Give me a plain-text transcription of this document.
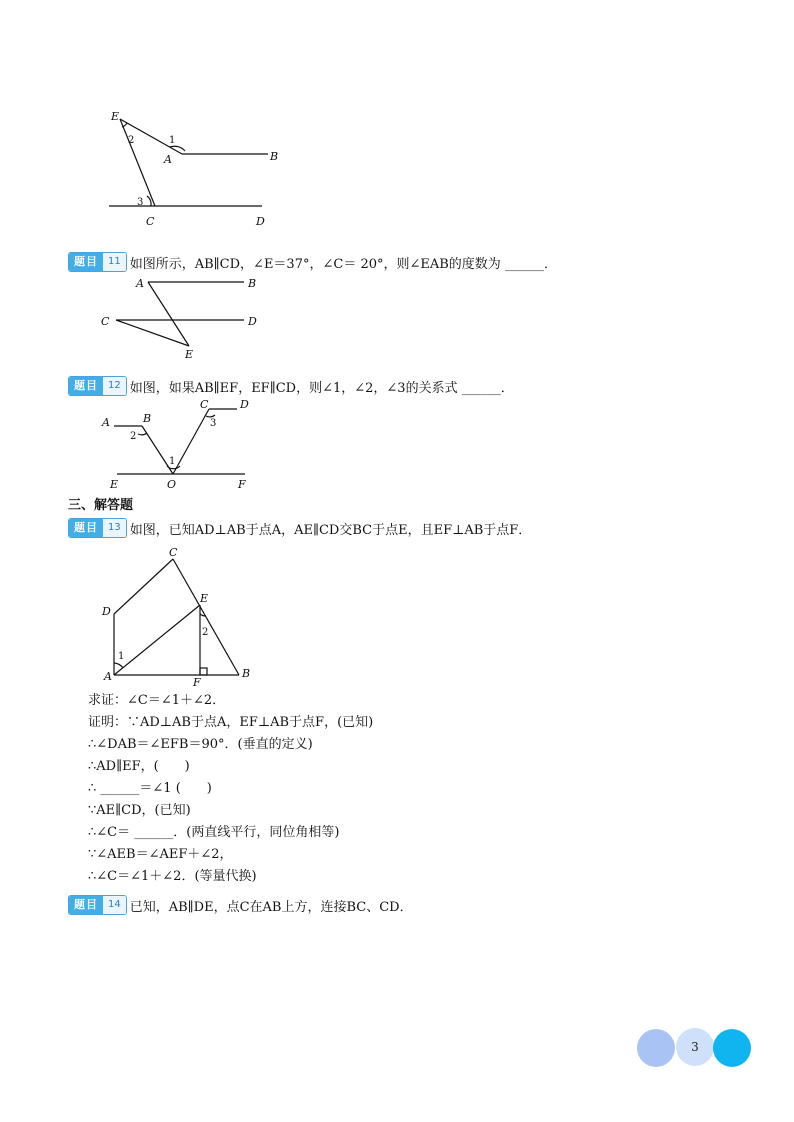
E
A	B
C	D
1
2
3
题目	11 如图所示，AB∥CD，∠E＝37°，∠C＝ 20°，则∠EAB的度数为 ______．
A	B
C	D
E
题目	12 如图，如果AB∥EF，EF∥CD，则∠1，∠2，∠3的关系式 ______．
A	B
C	D
E	O	F
1
2
3
三、解答题
题目	13 如图，已知AD⊥AB于点A，AE∥CD交BC于点E，且EF⊥AB于点F．
C
D
E
A	F
B
1
2
求证：∠C＝∠1＋∠2．
证明：∵AD⊥AB于点A，EF⊥AB于点F，(已知)
∴∠DAB＝∠EFB＝90°．(垂直的定义)
∴AD∥EF，(　　)
∴ ______＝∠1 (　　)
∵AE∥CD，(已知)
∴∠C＝ ______．(两直线平行，同位角相等)
∵∠AEB＝∠AEF＋∠2，
∴∠C＝∠1＋∠2．(等量代换)
题目	14 已知，AB∥DE，点C在AB上方，连接BC、CD．
3
